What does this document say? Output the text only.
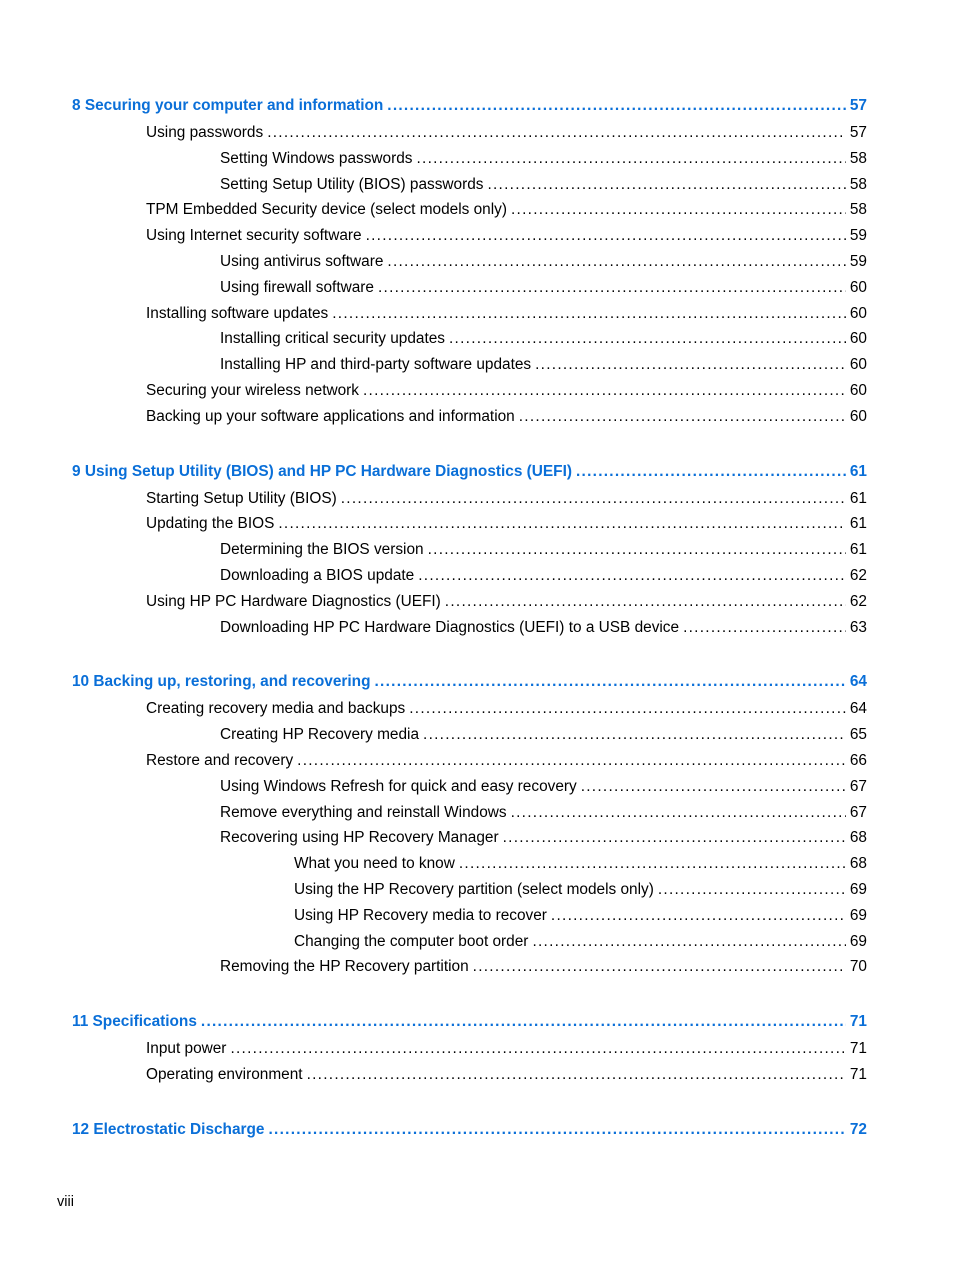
8 Securing your computer and information . . .	57
Using passwords . . .	57
Setting Windows passwords . . .	58
Setting Setup Utility (BIOS) passwords . . .	58
TPM Embedded Security device (select models only) . . .	58
Using Internet security software . . .	59
Using antivirus software . . .	59
Using firewall software . . .	60
Installing software updates . . .	60
Installing critical security updates . . .	60
Installing HP and third-party software updates . . .	60
Securing your wireless network . . .	60
Backing up your software applications and information . . .	60
9 Using Setup Utility (BIOS) and HP PC Hardware Diagnostics (UEFI) . . .	61
Starting Setup Utility (BIOS) . . .	61
Updating the BIOS . . .	61
Determining the BIOS version . . .	61
Downloading a BIOS update . . .	62
Using HP PC Hardware Diagnostics (UEFI) . . .	62
Downloading HP PC Hardware Diagnostics (UEFI) to a USB device . . .	63
10 Backing up, restoring, and recovering . . .	64
Creating recovery media and backups . . .	64
Creating HP Recovery media . . .	65
Restore and recovery . . .	66
Using Windows Refresh for quick and easy recovery . . .	67
Remove everything and reinstall Windows . . .	67
Recovering using HP Recovery Manager . . .	68
What you need to know . . .	68
Using the HP Recovery partition (select models only) . . .	69
Using HP Recovery media to recover . . .	69
Changing the computer boot order . . .	69
Removing the HP Recovery partition . . .	70
11 Specifications . . .	71
Input power . . .	71
Operating environment . . .	71
12 Electrostatic Discharge . . .	72
viii
